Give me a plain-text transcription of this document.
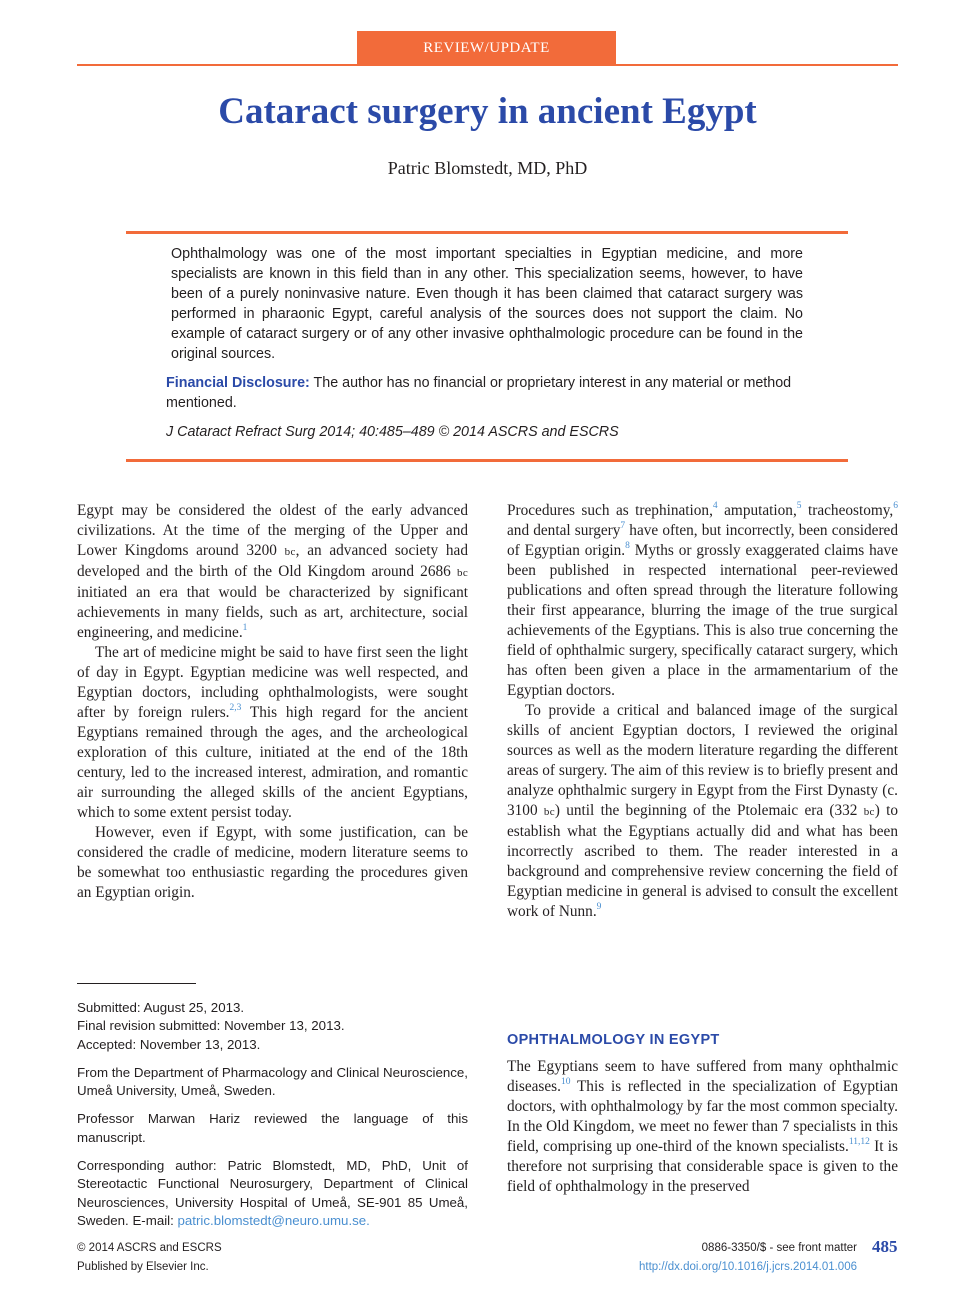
REVIEW/UPDATE
Cataract surgery in ancient Egypt
Patric Blomstedt, MD, PhD
Ophthalmology was one of the most important specialties in Egyptian medicine, and more specialists are known in this field than in any other. This specialization seems, however, to have been of a purely noninvasive nature. Even though it has been claimed that cataract surgery was performed in pharaonic Egypt, careful analysis of the sources does not support the claim. No example of cataract surgery or of any other invasive ophthalmologic procedure can be found in the original sources.
Financial Disclosure: The author has no financial or proprietary interest in any material or method mentioned.
J Cataract Refract Surg 2014; 40:485–489 © 2014 ASCRS and ESCRS

Egypt may be considered the oldest of the early advanced civilizations. At the time of the merging of the Upper and Lower Kingdoms around 3200 bc, an advanced society had developed and the birth of the Old Kingdom around 2686 bc initiated an era that would be characterized by significant achievements in many fields, such as art, architecture, social engineering, and medicine.$^1$

The art of medicine might be said to have first seen the light of day in Egypt. Egyptian medicine was well respected, and Egyptian doctors, including ophthalmologists, were sought after by foreign rulers.$^{2,3}$ This high regard for the ancient Egyptians remained through the ages, and the archeological exploration of this culture, initiated at the end of the 18th century, led to the increased interest, admiration, and romantic air surrounding the alleged skills of the ancient Egyptians, which to some extent persist today.

However, even if Egypt, with some justification, can be considered the cradle of medicine, modern literature seems to be somewhat too enthusiastic regarding the procedures given an Egyptian origin.

Submitted: August 25, 2013.

Final revision submitted: November 13, 2013.

Accepted: November 13, 2013.

From the Department of Pharmacology and Clinical Neuroscience, Umeå University, Umeå, Sweden.

Professor Marwan Hariz reviewed the language of this manuscript.

Corresponding author: Patric Blomstedt, MD, PhD, Unit of Stereotactic Functional Neurosurgery, Department of Clinical Neurosciences, University Hospital of Umeå, SE-901 85 Umeå, Sweden. E-mail: patric.blomstedt@neuro.umu.se.

Procedures such as trephination,$^4$ amputation,$^5$ tracheostomy,$^6$ and dental surgery$^7$ have often, but incorrectly, been considered of Egyptian origin.$^8$ Myths or grossly exaggerated claims have been published in respected international peer-reviewed publications and often spread through the literature following their first appearance, blurring the image of the true surgical achievements of the Egyptians. This is also true concerning the field of ophthalmic surgery, specifically cataract surgery, which has often been given a place in the armamentarium of the Egyptian doctors.

To provide a critical and balanced image of the surgical skills of ancient Egyptian doctors, I reviewed the original sources as well as the modern literature regarding the different areas of surgery. The aim of this review is to briefly present and analyze ophthalmic surgery in Egypt from the First Dynasty (c. 3100 bc) until the beginning of the Ptolemaic era (332 bc) to establish what the Egyptians actually did and what has been incorrectly ascribed to them. The reader interested in a background and comprehensive review concerning the field of Egyptian medicine in general is advised to consult the excellent work of Nunn.$^9$

OPHTHALMOLOGY IN EGYPT

The Egyptians seem to have suffered from many ophthalmic diseases.$^{10}$ This is reflected in the specialization of Egyptian doctors, with ophthalmology by far the most common specialty. In the Old Kingdom, we meet no fewer than 7 specialists in this field, comprising up one-third of the known specialists.$^{11,12}$ It is therefore not surprising that considerable space is given to the field of ophthalmology in the preserved

© 2014 ASCRS and ESCRS
Published by Elsevier Inc.
0886-3350/$ - see front matter
http://dx.doi.org/10.1016/j.jcrs.2014.01.006
485
